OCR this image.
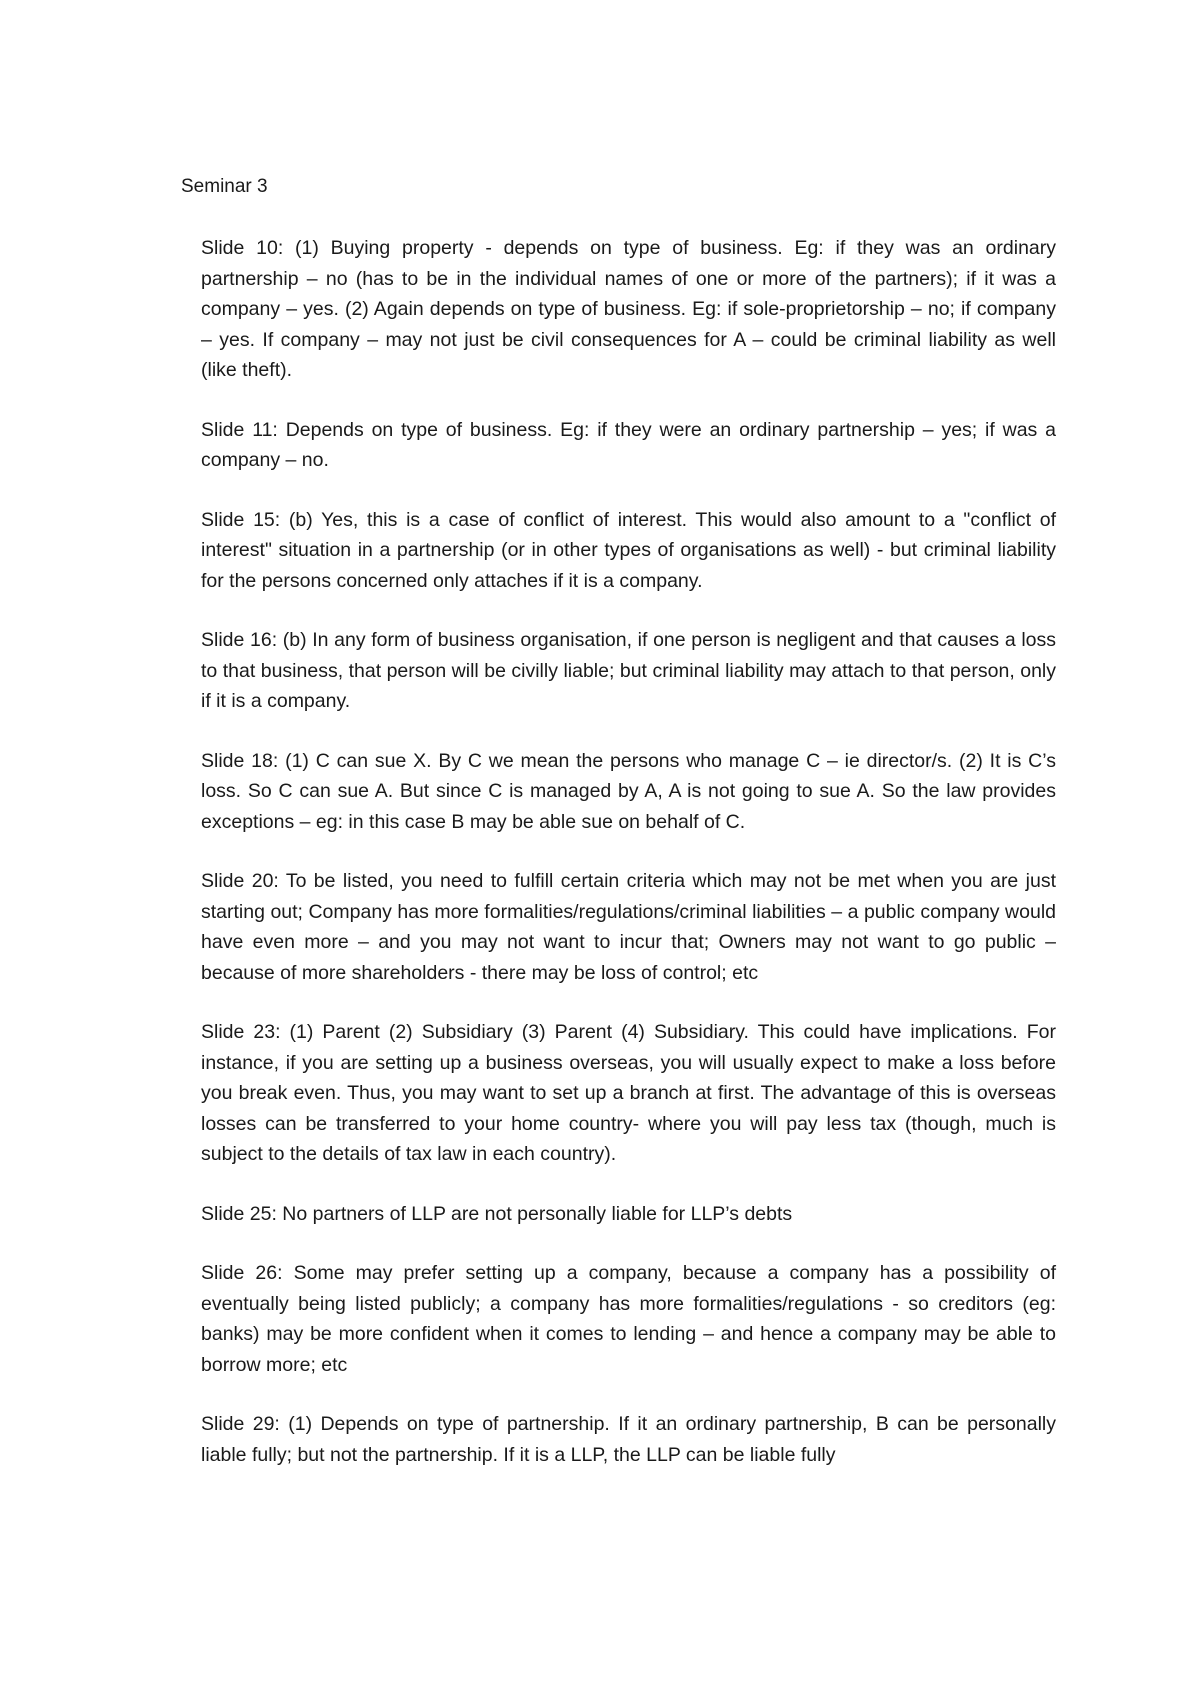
Seminar 3

Slide 10: (1) Buying property - depends on type of business. Eg: if they was an ordinary partnership – no (has to be in the individual names of one or more of the partners); if it was a company – yes. (2) Again depends on type of business. Eg: if sole-proprietorship – no; if company – yes. If company – may not just be civil consequences for A – could be criminal liability as well (like theft).

Slide 11: Depends on type of business. Eg: if they were an ordinary partnership – yes; if was a company – no.

Slide 15: (b) Yes, this is a case of conflict of interest. This would also amount to a "conflict of interest" situation in a partnership (or in other types of organisations as well) - but criminal liability for the persons concerned only attaches if it is a company.

Slide 16: (b) In any form of business organisation, if one person is negligent and that causes a loss to that business, that person will be civilly liable; but criminal liability may attach to that person, only if it is a company.

Slide 18: (1) C can sue X. By C we mean the persons who manage C – ie director/s. (2) It is C’s loss. So C can sue A. But since C is managed by A, A is not going to sue A. So the law provides exceptions – eg: in this case B may be able sue on behalf of C.

Slide 20: To be listed, you need to fulfill certain criteria which may not be met when you are just starting out; Company has more formalities/regulations/criminal liabilities – a public company would have even more – and you may not want to incur that; Owners may not want to go public – because of more shareholders - there may be loss of control; etc

Slide 23: (1) Parent (2) Subsidiary (3) Parent (4) Subsidiary. This could have implications. For instance, if you are setting up a business overseas, you will usually expect to make a loss before you break even. Thus, you may want to set up a branch at first. The advantage of this is overseas losses can be transferred to your home country- where you will pay less tax (though, much is subject to the details of tax law in each country).

Slide 25: No partners of LLP are not personally liable for LLP’s debts

Slide 26: Some may prefer setting up a company, because a company has a possibility of eventually being listed publicly; a company has more formalities/regulations - so creditors (eg: banks) may be more confident when it comes to lending – and hence a company may be able to borrow more; etc

Slide 29: (1) Depends on type of partnership. If it an ordinary partnership, B can be personally liable fully; but not the partnership. If it is a LLP, the LLP can be liable fully
